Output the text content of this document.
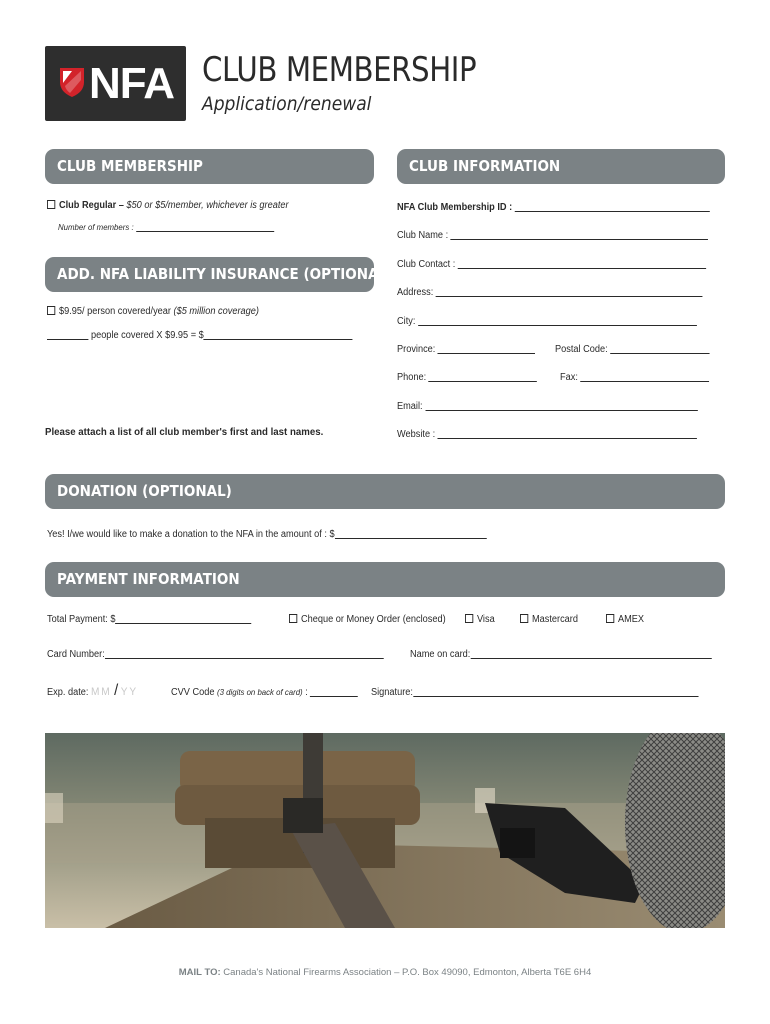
NFA CLUB MEMBERSHIP
Application/renewal
CLUB MEMBERSHIP
Club Regular – $50 or $5/member, whichever is greater
Number of members :
ADD. NFA LIABILITY INSURANCE (OPTIONAL)
$9.95/ person covered/year ($5 million coverage)
people covered X $9.95 = $
Please attach a list of all club member's first and last names.
CLUB INFORMATION
NFA Club Membership ID :
Club Name :
Club Contact :
Address:
City:
Province:	Postal Code:
Phone:	Fax:
Email:
Website :
DONATION (OPTIONAL)
Yes! I/we would like to make a donation to the NFA in the amount of : $
PAYMENT INFORMATION
Total Payment: $	Cheque or Money Order (enclosed)	Visa	Mastercard	AMEX
Card Number:	Name on card:
Exp. date: MM / YY	CVV Code (3 digits on back of card) :	Signature:
MAIL TO: Canada's National Firearms Association – P.O. Box 49090, Edmonton, Alberta T6E 6H4
